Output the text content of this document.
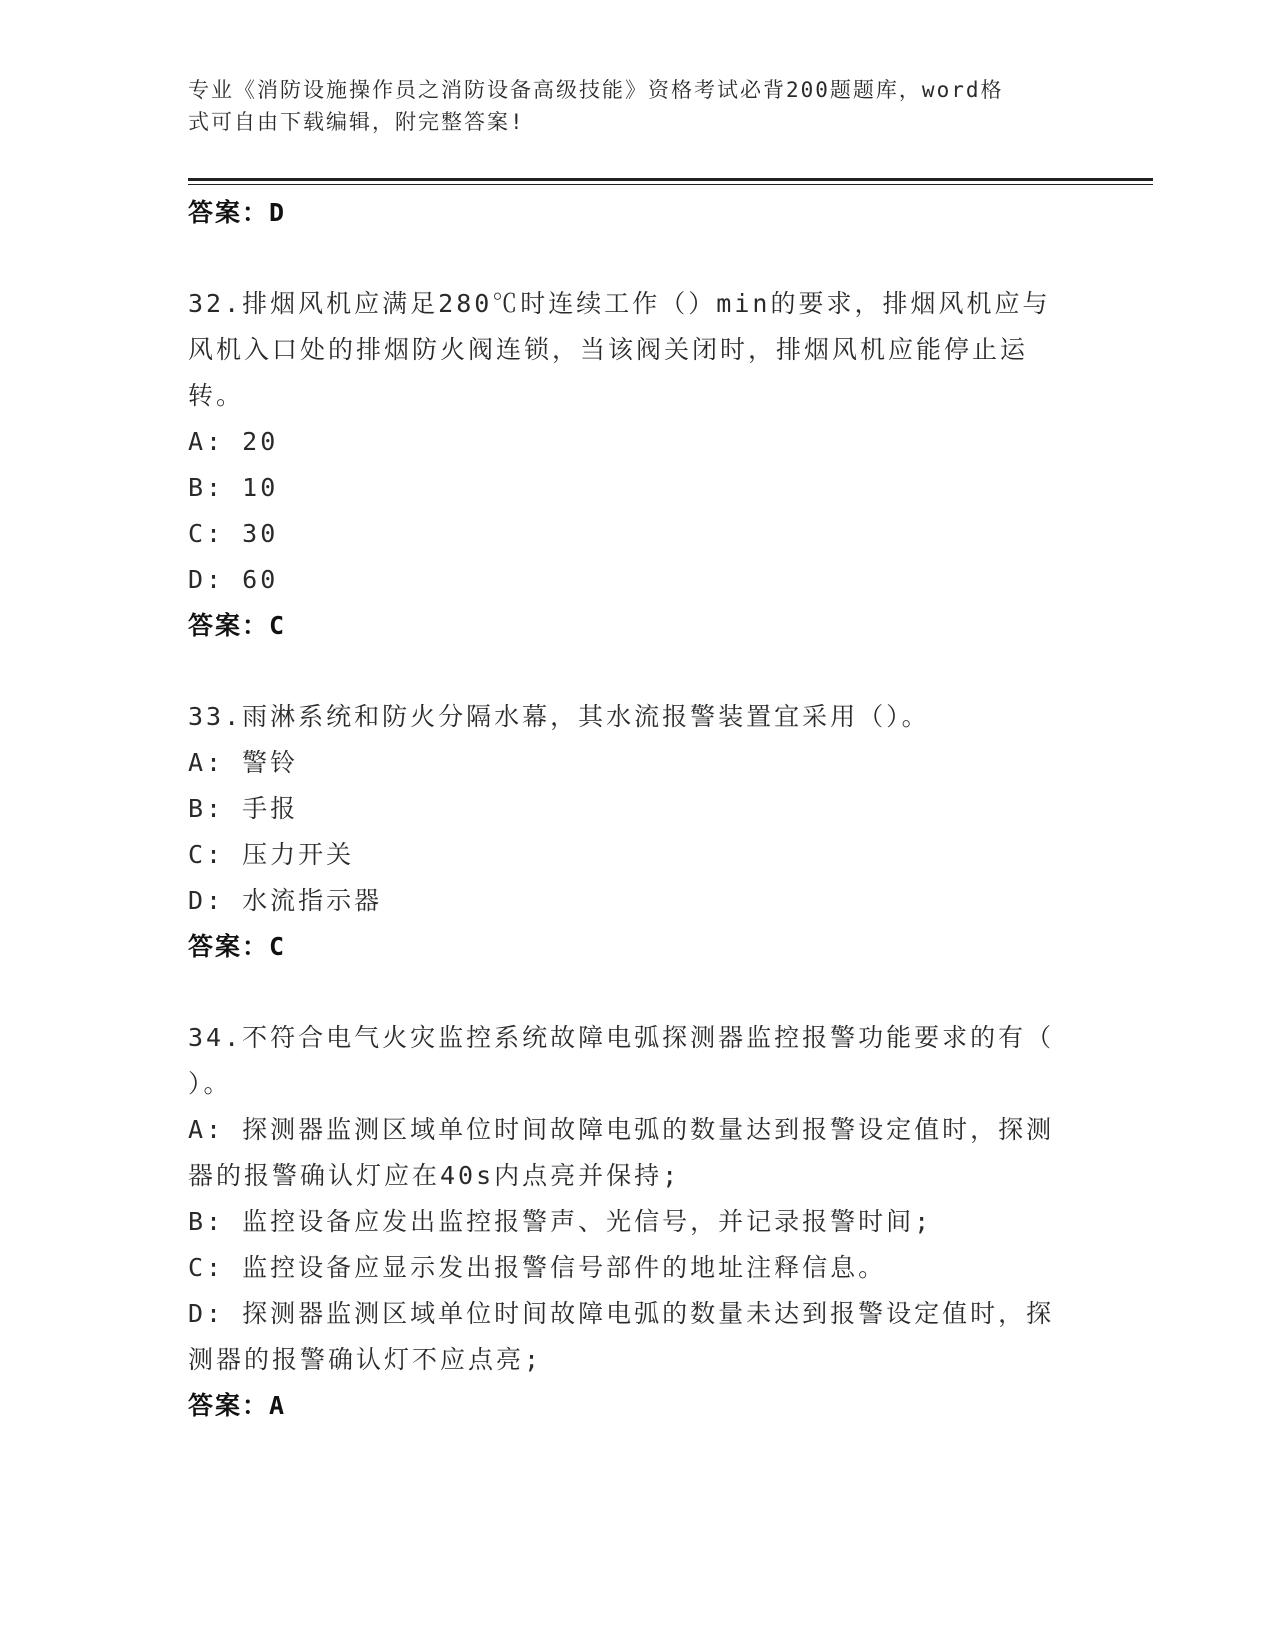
专业《消防设施操作员之消防设备高级技能》资格考试必背200题题库，word格
式可自由下载编辑，附完整答案!
答案：D
32.排烟风机应满足280℃时连续工作（）min的要求，排烟风机应与
风机入口处的排烟防火阀连锁，当该阀关闭时，排烟风机应能停止运
转。
A: 20
B: 10
C: 30
D: 60
答案：C
33.雨淋系统和防火分隔水幕，其水流报警装置宜采用（）。
A: 警铃
B: 手报
C: 压力开关
D: 水流指示器
答案：C
34.不符合电气火灾监控系统故障电弧探测器监控报警功能要求的有（
）。
A: 探测器监测区域单位时间故障电弧的数量达到报警设定值时，探测
器的报警确认灯应在40s内点亮并保持;
B: 监控设备应发出监控报警声、光信号，并记录报警时间;
C: 监控设备应显示发出报警信号部件的地址注释信息。
D: 探测器监测区域单位时间故障电弧的数量未达到报警设定值时，探
测器的报警确认灯不应点亮;
答案：A
